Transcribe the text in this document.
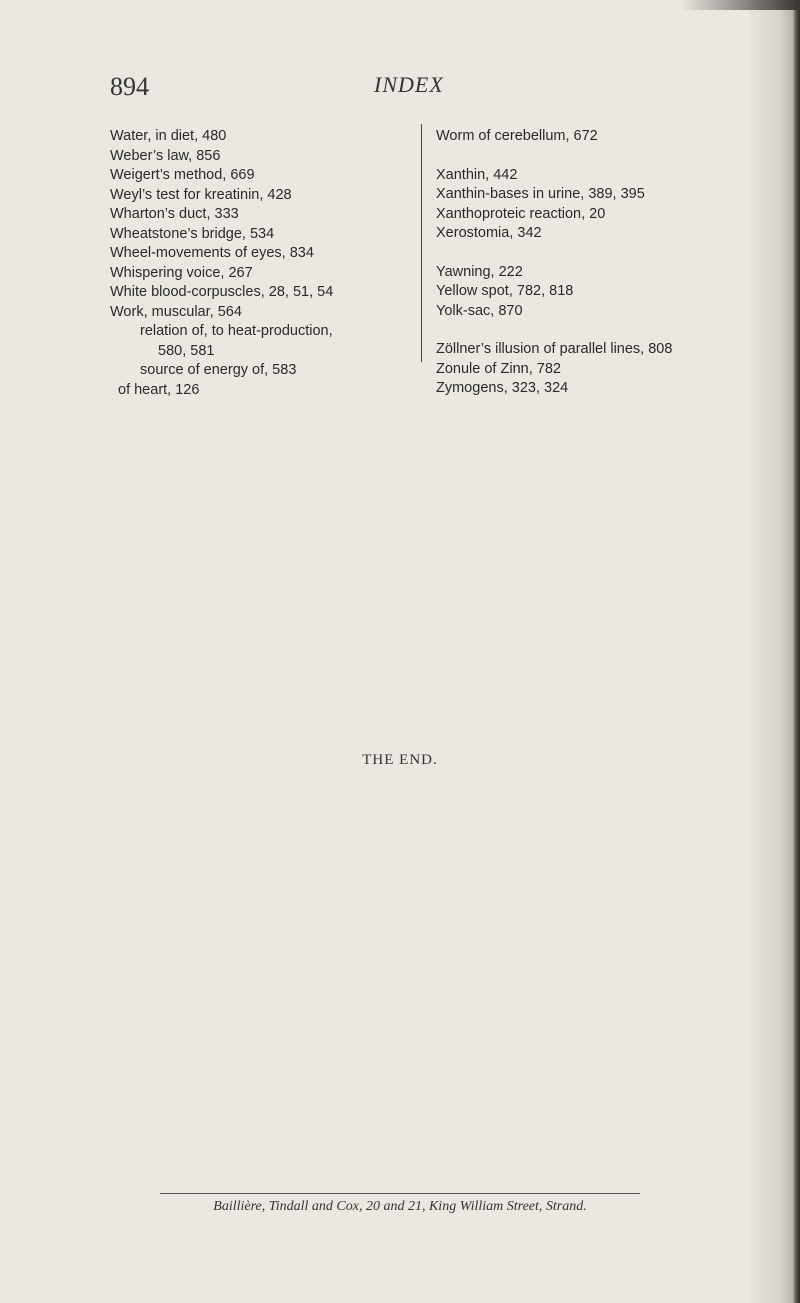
894	INDEX
Water, in diet, 480
Weber’s law, 856
Weigert’s method, 669
Weyl’s test for kreatinin, 428
Wharton’s duct, 333
Wheatstone’s bridge, 534
Wheel-movements of eyes, 834
Whispering voice, 267
White blood-corpuscles, 28, 51, 54
Work, muscular, 564
relation of, to heat-production,
580, 581
source of energy of, 583
of heart, 126
Worm of cerebellum, 672
Xanthin, 442
Xanthin-bases in urine, 389, 395
Xanthoproteic reaction, 20
Xerostomia, 342
Yawning, 222
Yellow spot, 782, 818
Yolk-sac, 870
Zöllner’s illusion of parallel lines, 808
Zonule of Zinn, 782
Zymogens, 323, 324
THE END.
Baillière, Tindall and Cox, 20 and 21, King William Street, Strand.
